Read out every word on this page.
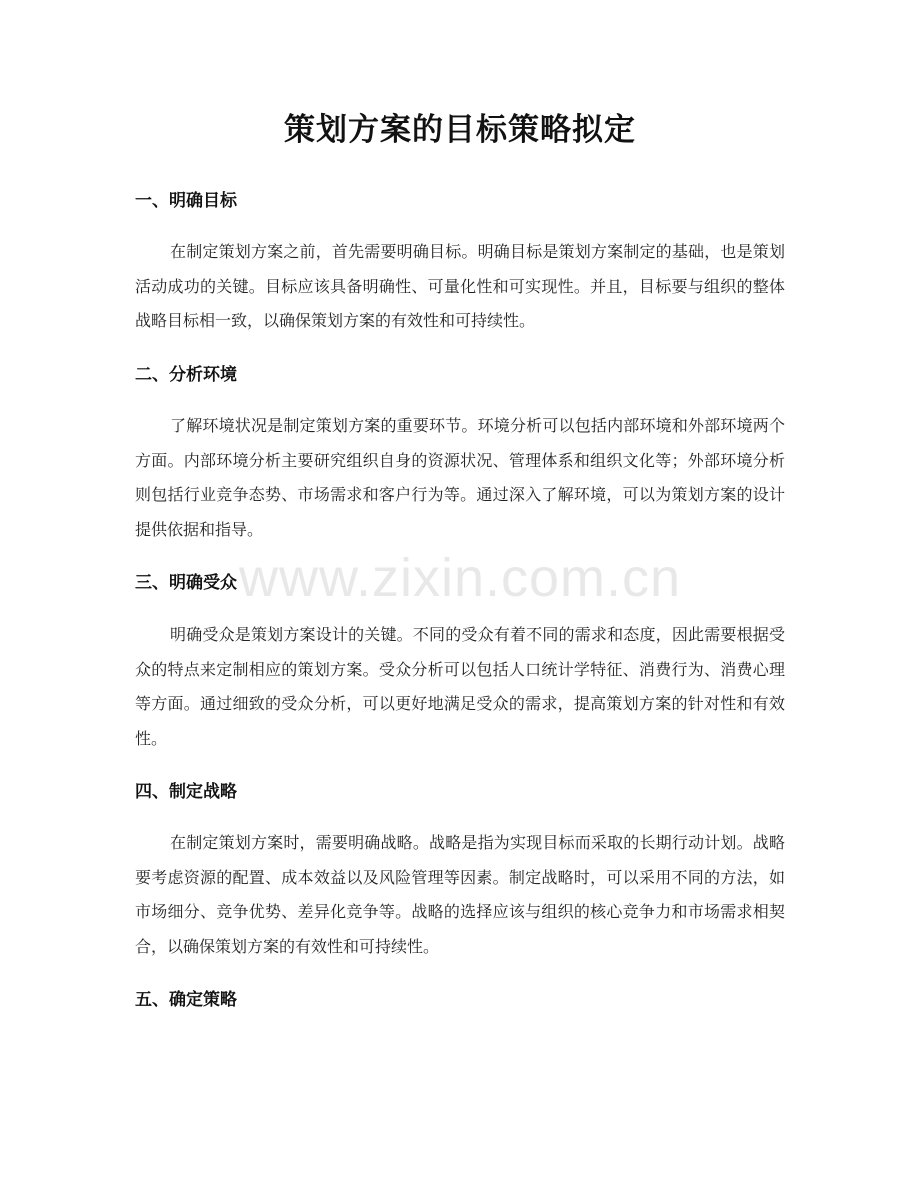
策划方案的目标策略拟定
一、明确目标

在制定策划方案之前，首先需要明确目标。明确目标是策划方案制定的基础，也是策划活动成功的关键。目标应该具备明确性、可量化性和可实现性。并且，目标要与组织的整体战略目标相一致，以确保策划方案的有效性和可持续性。

二、分析环境

了解环境状况是制定策划方案的重要环节。环境分析可以包括内部环境和外部环境两个方面。内部环境分析主要研究组织自身的资源状况、管理体系和组织文化等；外部环境分析则包括行业竞争态势、市场需求和客户行为等。通过深入了解环境，可以为策划方案的设计提供依据和指导。

三、明确受众

明确受众是策划方案设计的关键。不同的受众有着不同的需求和态度，因此需要根据受众的特点来定制相应的策划方案。受众分析可以包括人口统计学特征、消费行为、消费心理等方面。通过细致的受众分析，可以更好地满足受众的需求，提高策划方案的针对性和有效性。

四、制定战略

在制定策划方案时，需要明确战略。战略是指为实现目标而采取的长期行动计划。战略要考虑资源的配置、成本效益以及风险管理等因素。制定战略时，可以采用不同的方法，如市场细分、竞争优势、差异化竞争等。战略的选择应该与组织的核心竞争力和市场需求相契合，以确保策划方案的有效性和可持续性。

五、确定策略
www.zixin.com.cn
